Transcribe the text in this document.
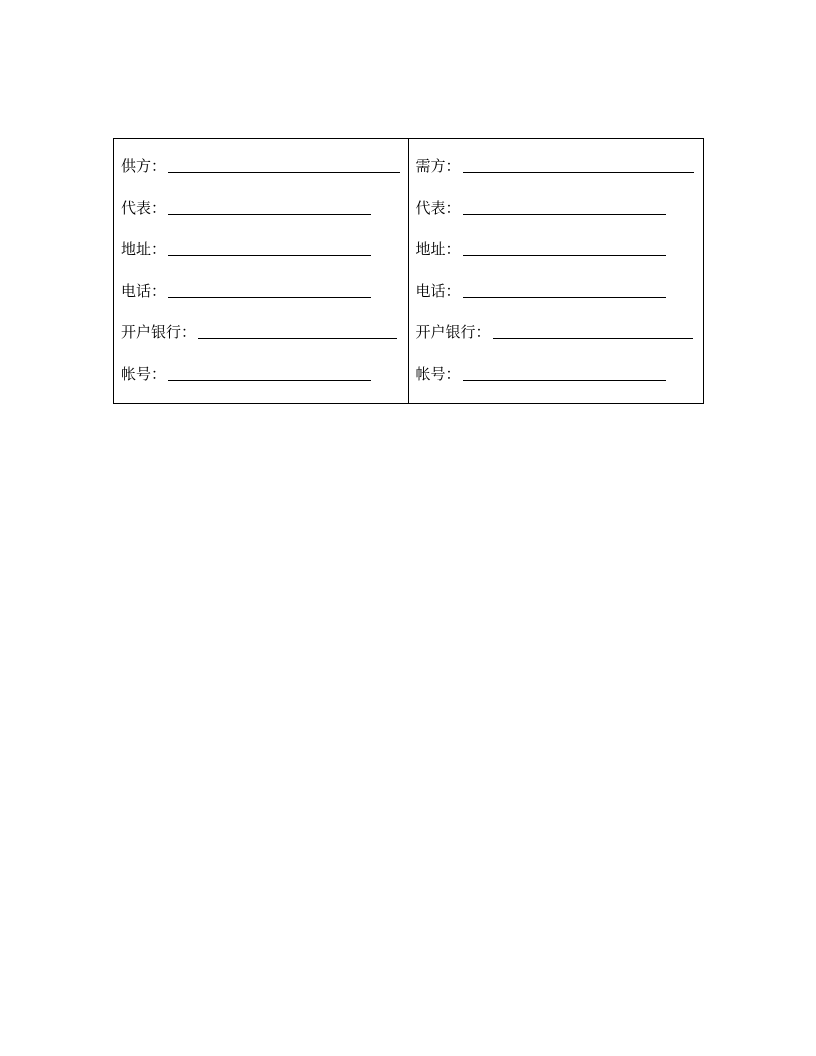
供方：
代表：
地址：
电话：
开户银行：
帐号：
需方：
代表：
地址：
电话：
开户银行：
帐号：
